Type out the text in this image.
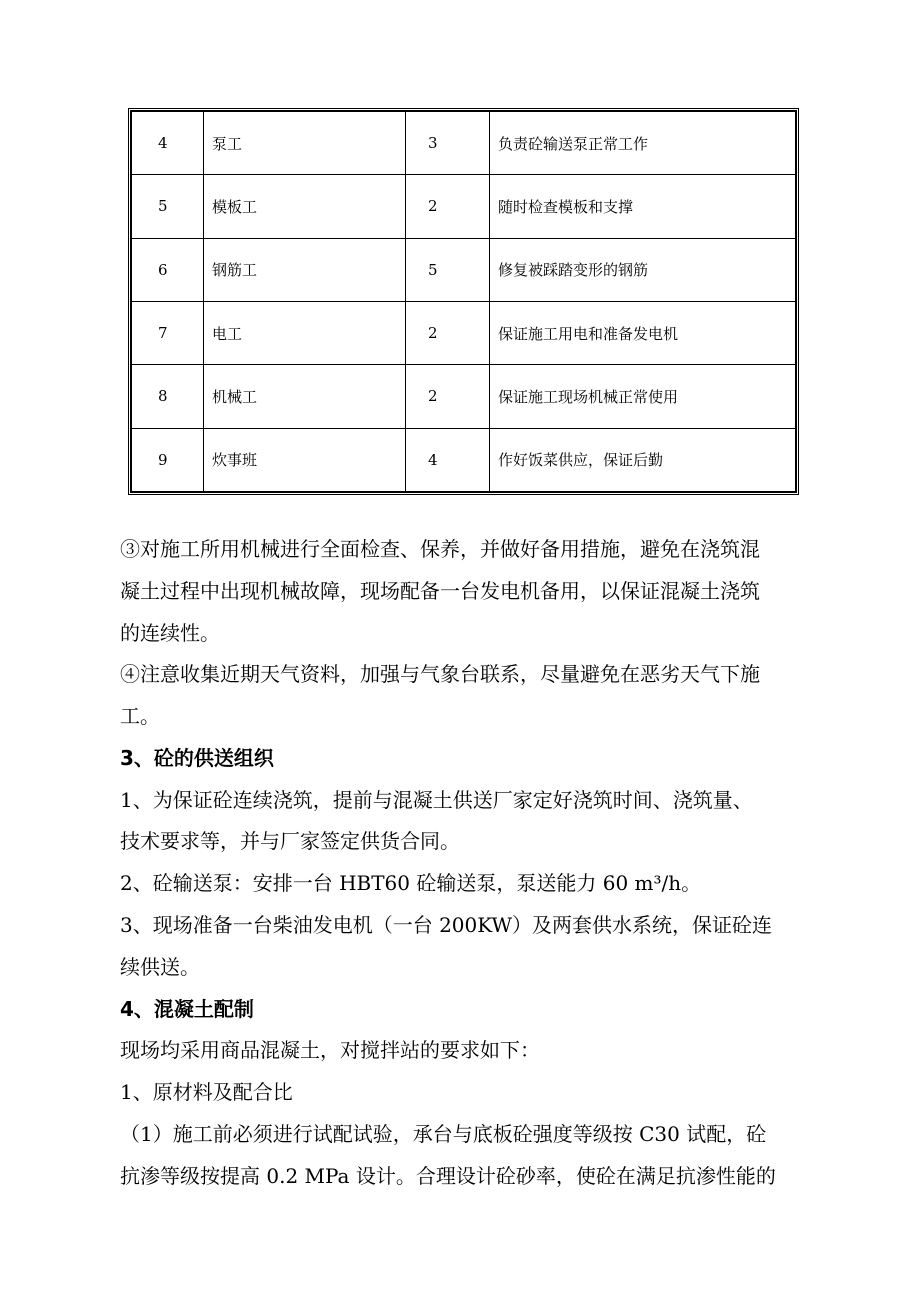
4	泵工	3	负责砼输送泵正常工作
5	模板工	2	随时检查模板和支撑
6	钢筋工	5	修复被踩踏变形的钢筋
7	电工	2	保证施工用电和准备发电机
8	机械工	2	保证施工现场机械正常使用
9	炊事班	4	作好饭菜供应，保证后勤
③对施工所用机械进行全面检查、保养，并做好备用措施，避免在浇筑混
凝土过程中出现机械故障，现场配备一台发电机备用，以保证混凝土浇筑
的连续性。
④注意收集近期天气资料，加强与气象台联系，尽量避免在恶劣天气下施
工。
3、砼的供送组织
1、为保证砼连续浇筑，提前与混凝土供送厂家定好浇筑时间、浇筑量、
技术要求等，并与厂家签定供货合同。
2、砼输送泵：安排一台 HBT60 砼输送泵，泵送能力 60 m³/h。
3、现场准备一台柴油发电机（一台 200KW）及两套供水系统，保证砼连
续供送。
4、混凝土配制
现场均采用商品混凝土，对搅拌站的要求如下：
1、原材料及配合比
（1）施工前必须进行试配试验，承台与底板砼强度等级按 C30 试配，砼
抗渗等级按提高 0.2 MPa 设计。合理设计砼砂率，使砼在满足抗渗性能的
